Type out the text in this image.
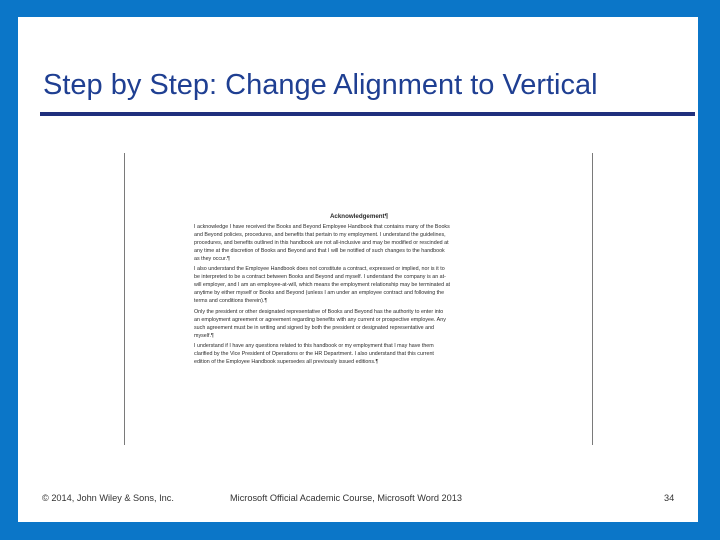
Step by Step: Change Alignment to Vertical
Acknowledgement¶
I acknowledge I have received the Books and Beyond Employee Handbook that contains many of the Books
and Beyond policies, procedures, and benefits that pertain to my employment. I understand the guidelines,
procedures, and benefits outlined in this handbook are not all-inclusive and may be modified or rescinded at
any time at the discretion of Books and Beyond and that I will be notified of such changes to the handbook
as they occur.¶
I also understand the Employee Handbook does not constitute a contract, expressed or implied, nor is it to
be interpreted to be a contract between Books and Beyond and myself. I understand the company is an at-
will employer, and I am an employee-at-will, which means the employment relationship may be terminated at
anytime by either myself or Books and Beyond (unless I am under an employee contract and following the
terms and conditions therein).¶
Only the president or other designated representative of Books and Beyond has the authority to enter into
an employment agreement or agreement regarding benefits with any current or prospective employee. Any
such agreement must be in writing and signed by both the president or designated representative and
myself.¶
I understand if I have any questions related to this handbook or my employment that I may have them
clarified by the Vice President of Operations or the HR Department. I also understand that this current
edition of the Employee Handbook supersedes all previously issued editions.¶
© 2014, John Wiley & Sons, Inc.	Microsoft Official Academic Course, Microsoft Word 2013	34
